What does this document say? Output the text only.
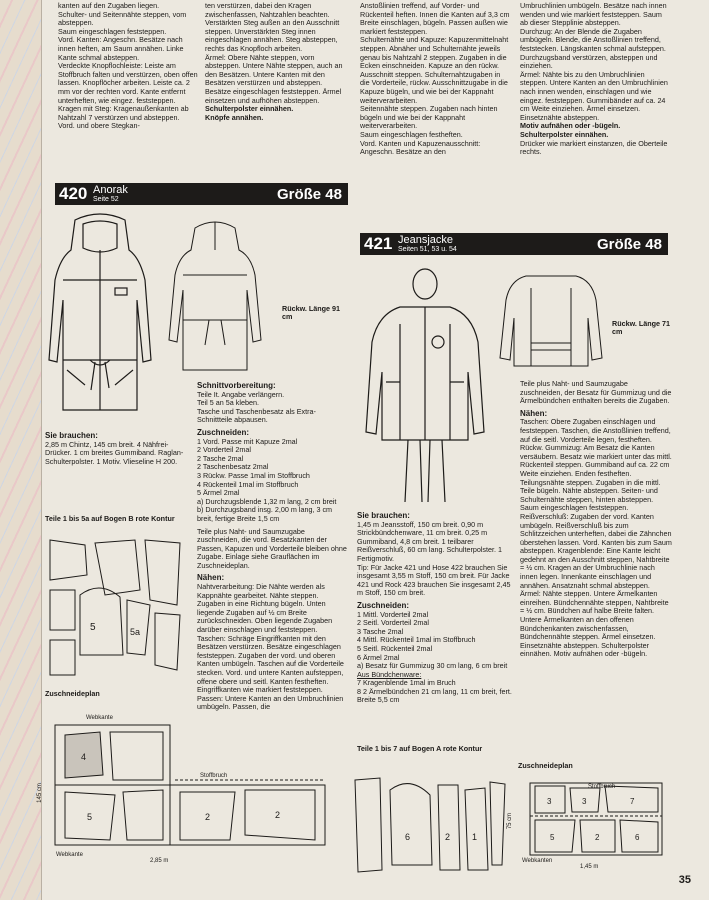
kanten auf den Zugaben liegen.

Schulter- und Seitennähte steppen, vom absteppen.

Saum eingeschlagen feststeppen.

Vord. Kanten: Angeschn. Besätze nach innen heften, am Saum annähen. Linke Kante schmal absteppen.

Verdeckte Knopflochleiste: Leiste am Stoffbruch falten und verstürzen, oben offen lassen. Knopflöcher arbeiten. Leiste ca. 2 mm vor der rechten vord. Kante entfernt unterheften, wie eingez. feststeppen.

Kragen mit Steg: Kragenaußenkanten ab Nahtzahl 7 verstürzen und absteppen. Vord. und obere Stegkan-

ten verstürzen, dabei den Kragen zwischenfassen, Nahtzahlen beachten. Verstärkten Steg außen an den Ausschnitt steppen. Unverstärkten Steg innen eingeschlagen annähen. Steg absteppen, rechts das Knopfloch arbeiten.

Ärmel: Obere Nähte steppen, vorn absteppen. Untere Nähte steppen, auch an den Besätzen. Untere Kanten mit den Besätzen verstürzen und absteppen. Besätze eingeschlagen feststeppen. Ärmel einsetzen und aufhöhen absteppen.

Schulterpolster einnähen.

Knöpfe annähen.

Anstoßlinien treffend, auf Vorder- und Rückenteil heften. Innen die Kanten auf 3,3 cm Breite einschlagen, bügeln. Passen außen wie markiert feststeppen.

Schulternähte und Kapuze: Kapuzenmittelnaht steppen. Abnäher und Schulternähte jeweils genau bis Nahtzahl 2 steppen. Zugaben in die Ecken einschneiden. Kapuze an den rückw. Ausschnitt steppen. Schulternahtzugaben in die Vorderteile, rückw. Ausschnittzugabe in die Kapuze bügeln, und wie bei der Kappnaht weiterverarbeiten.

Seitennähte steppen. Zugaben nach hinten bügeln und wie bei der Kappnaht weiterverarbeiten.

Saum eingeschlagen festheften.

Vord. Kanten und Kapuzenausschnitt: Angeschn. Besätze an den

Umbruchlinien umbügeln. Besätze nach innen wenden und wie markiert feststeppen. Saum ab dieser Stepplinie absteppen.

Durchzug: An der Blende die Zugaben umbügeln. Blende, die Anstoßlinien treffend, feststecken. Längskanten schmal aufsteppen. Durchzugsband verstürzen, absteppen und einziehen.

Ärmel: Nähte bis zu den Umbruchlinien steppen. Untere Kanten an den Umbruchlinien nach innen wenden, einschlagen und wie eingez. feststeppen. Gummibänder auf ca. 24 cm Weite einziehen. Ärmel einsetzen. Einsetznähte absteppen.

Motiv aufnähen oder -bügeln.

Schulterpolster einnähen.

Drücker wie markiert einstanzen, die Oberteile rechts.

420 Anorak
Seite 52	Größe 48
421 Jeansjacke
Seiten 51, 53 u. 54	Größe 48
Rückw. Länge 91 cm

Sie brauchen:

2,85 m Chintz, 145 cm breit. 4 Nähfrei-Drücker. 1 cm breites Gummiband. Raglan-Schulterpolster. 1 Motiv. Vlieseline H 200.

Teile 1 bis 5a auf Bogen B rote Kontur
5	5a
Zuschneideplan
4
5	2	2
Webkante
Stoffbruch
Webkante
2,85 m
145 cm

Schnittvorbereitung:

Teile It. Angabe verlängern.

Teil 5 an 5a kleben.

Tasche und Taschenbesatz als Extra-Schnittteile abpausen.

Zuschneiden:

1 Vord. Passe mit Kapuze 2mal

2 Vorderteil 2mal

2 Tasche 2mal

2 Taschenbesatz 2mal

3 Rückw. Passe 1mal im Stoffbruch

4 Rückenteil 1mal im Stoffbruch

5 Ärmel 2mal

a) Durchzugsblende 1,32 m lang, 2 cm breit

b) Durchzugsband insg. 2,00 m lang, 3 cm breit, fertige Breite 1,5 cm

Teile plus Naht- und Saumzugabe zuschneiden, die vord. Besatzkanten der Passen, Kapuzen und Vorderteile bleiben ohne Zugabe. Einlage siehe Grauflächen im Zuschneideplan.

Nähen:

Nahtverarbeitung: Die Nähte werden als Kappnähte gearbeitet. Nähte steppen. Zugaben in eine Richtung bügeln. Unten liegende Zugaben auf ½ cm Breite zurückschneiden. Oben liegende Zugaben darüber einschlagen und feststeppen. Taschen: Schräge Eingriffkanten mit den Besätzen verstürzen. Besätze eingeschlagen feststeppen. Zugaben der vord. und oberen Kanten umbügeln. Taschen auf die Vorderteile stecken. Vord. und untere Kanten aufsteppen, offene obere und seitl. Kanten festheften. Eingriffkanten wie markiert feststeppen. Passen: Untere Kanten an den Umbruchlinien umbügeln. Passen, die

Rückw. Länge 71 cm

Teile plus Naht- und Saumzugabe zuschneiden, der Besatz für Gummizug und die Ärmelbündchen enthalten bereits die Zugaben.

Nähen:

Taschen: Obere Zugaben einschlagen und feststeppen. Taschen, die Anstoßlinien treffend, auf die seitl. Vorderteile legen, festheften. Rückw. Gummizug: Am Besatz die Kanten versäubern. Besatz wie markiert unter das mittl. Rückenteil steppen. Gummiband auf ca. 22 cm Weite einziehen. Enden festheften. Teilungsnähte steppen. Zugaben in die mittl. Teile bügeln. Nähte absteppen. Seiten- und Schulternähte steppen, hinten absteppen. Saum eingeschlagen feststeppen. Reißverschluß: Zugaben der vord. Kanten umbügeln. Reißverschluß bis zum Schlitzzeichen unterheften, dabei die Zähnchen überstehen lassen. Vord. Kanten bis zum Saum absteppen. Kragenblende: Eine Kante leicht gedehnt an den Ausschnitt steppen, Nahtbreite = ½ cm. Kragen an der Umbruchlinie nach innen legen. Innenkante einschlagen und annähen. Ansatznaht schmal absteppen. Ärmel: Nähte steppen. Untere Ärmelkanten einreihen. Bündchennähte steppen, Nahtbreite = ½ cm. Bündchen auf halbe Breite falten. Untere Ärmelkanten an den offenen Bündchenkanten zwischenfassen, Bündchennähte steppen. Ärmel einsetzen. Einsetznähte absteppen. Schulterpolster einnähen. Motiv aufnähen oder -bügeln.

Sie brauchen:

1,45 m Jeansstoff, 150 cm breit. 0,90 m Strickbündchenware, 11 cm breit. 0,25 m Gummiband, 4,8 cm breit. 1 teilbarer Reißverschluß, 60 cm lang. Schulterpolster. 1 Fertigmotiv.

Tip: Für Jacke 421 und Hose 422 brauchen Sie insgesamt 3,55 m Stoff, 150 cm breit. Für Jacke 421 und Rock 423 brauchen Sie insgesamt 2,45 m Stoff, 150 cm breit.

Zuschneiden:

1 Mittl. Vorderteil 2mal

2 Seitl. Vorderteil 2mal

3 Tasche 2mal

4 Mittl. Rückenteil 1mal im Stoffbruch

5 Seitl. Rückenteil 2mal

6 Ärmel 2mal

a) Besatz für Gummizug 30 cm lang, 6 cm breit

Aus Bündchenware:

7 Kragenblende 1mal im Bruch

8 2 Ärmelbündchen 21 cm lang, 11 cm breit, fert. Breite 5,5 cm

Teile 1 bis 7 auf Bogen A rote Kontur
6	2 1
Zuschneideplan
3	3	7
5	2	6
Stoffbruch
Webkanten
1,45 m
75 cm
35
